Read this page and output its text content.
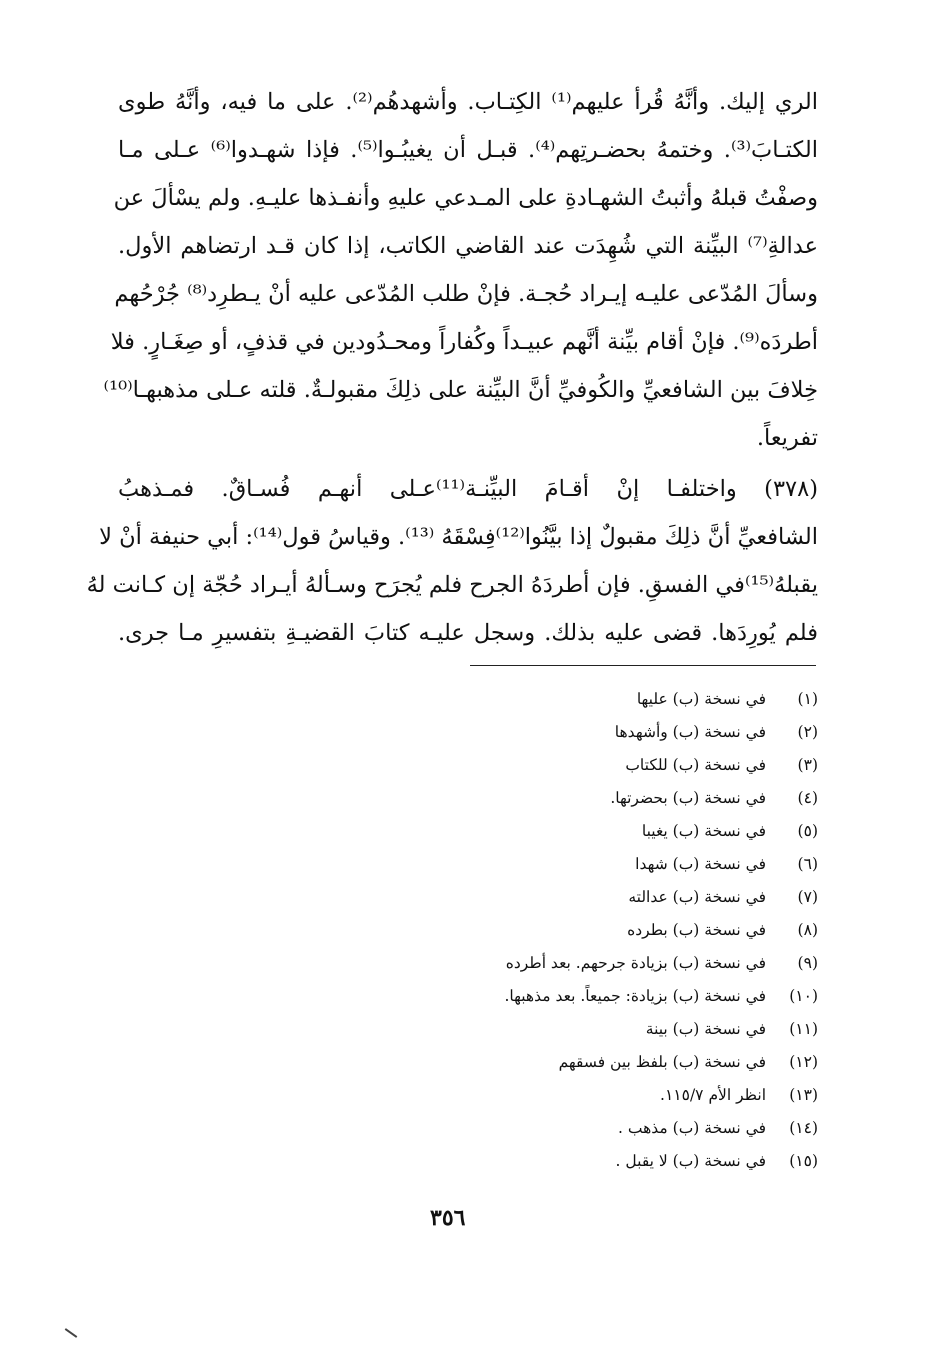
الري إليك. وأنَّهُ قُرأ عليهم⁽¹⁾ الكِتـاب. وأشهدهُم⁽²⁾. على ما فيه، وأنَّهُ طوى
الكتـابَ⁽³⁾. وختمهُ بحضـرتِهم⁽⁴⁾. قبـل أن يغيبُـوا⁽⁵⁾. فإذا شهـدوا⁽⁶⁾ عـلى مـا
وصفْتُ قبلهُ وأثبتُ الشهـادةِ على المـدعي عليهِ وأنفـذها عليـهِ. ولم يسْألَ عن
عدالةِ⁽⁷⁾ البيِّنة التي شُهِدَت عند القاضي الكاتب، إذا كان قـد ارتضاهم الأول.
وسألَ المُدّعى عليـه إيـراد حُجـة. فإنْ طلب المُدّعى عليه أنْ يـطرِد⁽⁸⁾ جُرْحُهم
أطردَه⁽⁹⁾. فإنْ أقام بيِّنة أنَّهم عبيـداً وكُفاراً ومحـدُودين في قذفٍ، أو صِغَـارٍ. فلا
خِلافَ بين الشافعيِّ والكُوفيِّ أنَّ البيِّنة على ذلِكَ مقبولـةٌ. قلته عـلى مذهبهـا⁽¹⁰⁾
تفريعاً.
(٣٧٨) واختلفـا إنْ أقـامَ البيِّنـة⁽¹¹⁾عـلى أنهـم فُسـاقٌ. فمـذهبُ
الشافعيِّ أنَّ ذلِكَ مقبولٌ إذا بيَّنُوا⁽¹²⁾فِسْقَهُ ⁽¹³⁾. وقياسُ قول⁽¹⁴⁾: أبي حنيفة أنْ لا
يقبلهُ⁽¹⁵⁾في الفسقِ. فإن أطردَهُ الجرح فلم يُجرَح وسـألهُ أيـراد حُجّة إن كـانت لهُ
فلم يُورِدَها. قضى عليه بذلك. وسجل عليـه كتابَ القضيـةِ بتفسيرِ مـا جرى.
(١)في نسخة (ب) عليها
(٢)في نسخة (ب) وأشهدها
(٣)في نسخة (ب) للكتاب
(٤)في نسخة (ب) بحضرتها.
(٥)في نسخة (ب) يغيبا
(٦)في نسخة (ب) شهدا
(٧)في نسخة (ب) عدالته
(٨)في نسخة (ب) بطرده
(٩)في نسخة (ب) بزيادة جرحهم. بعد أطرده
(١٠)في نسخة (ب) بزيادة: جميعاً. بعد مذهبها.
(١١)في نسخة (ب) بينة
(١٢)في نسخة (ب) بلفظ بين فسقهم
(١٣)انظر الأم ١١٥/٧.
(١٤)في نسخة (ب) مذهب .
(١٥)في نسخة (ب) لا يقبل .
٣٥٦
